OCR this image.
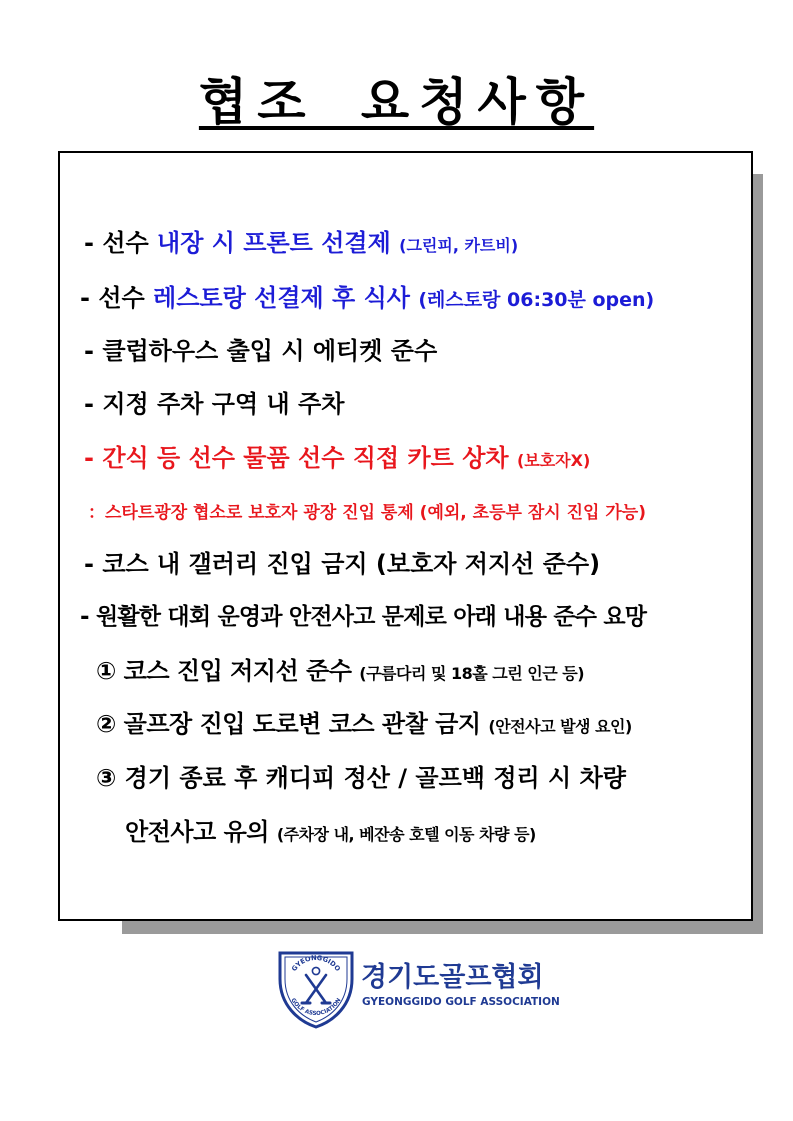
협조 요청사항
- 선수 내장 시 프론트 선결제 (그린피, 카트비)
- 선수 레스토랑 선결제 후 식사 (레스토랑 06:30분 open)
- 클럽하우스 출입 시 에티켓 준수
- 지정 주차 구역 내 주차
- 간식 등 선수 물품 선수 직접 카트 상차 (보호자X)
：스타트광장 협소로 보호자 광장 진입 통제 (예외, 초등부 잠시 진입 가능)
- 코스 내 갤러리 진입 금지 (보호자 저지선 준수)
- 원활한 대회 운영과 안전사고 문제로 아래 내용 준수 요망
① 코스 진입 저지선 준수 (구름다리 및 18홀 그린 인근 등)
② 골프장 진입 도로변 코스 관찰 금지 (안전사고 발생 요인)
③ 경기 종료 후 캐디피 정산 / 골프백 정리 시 차량
안전사고 유의 (주차장 내, 베잔송 호텔 이동 차량 등)
GYEONGGIDO
GOLF ASSOCIATION
경기도골프협회
GYEONGGIDO GOLF ASSOCIATION
